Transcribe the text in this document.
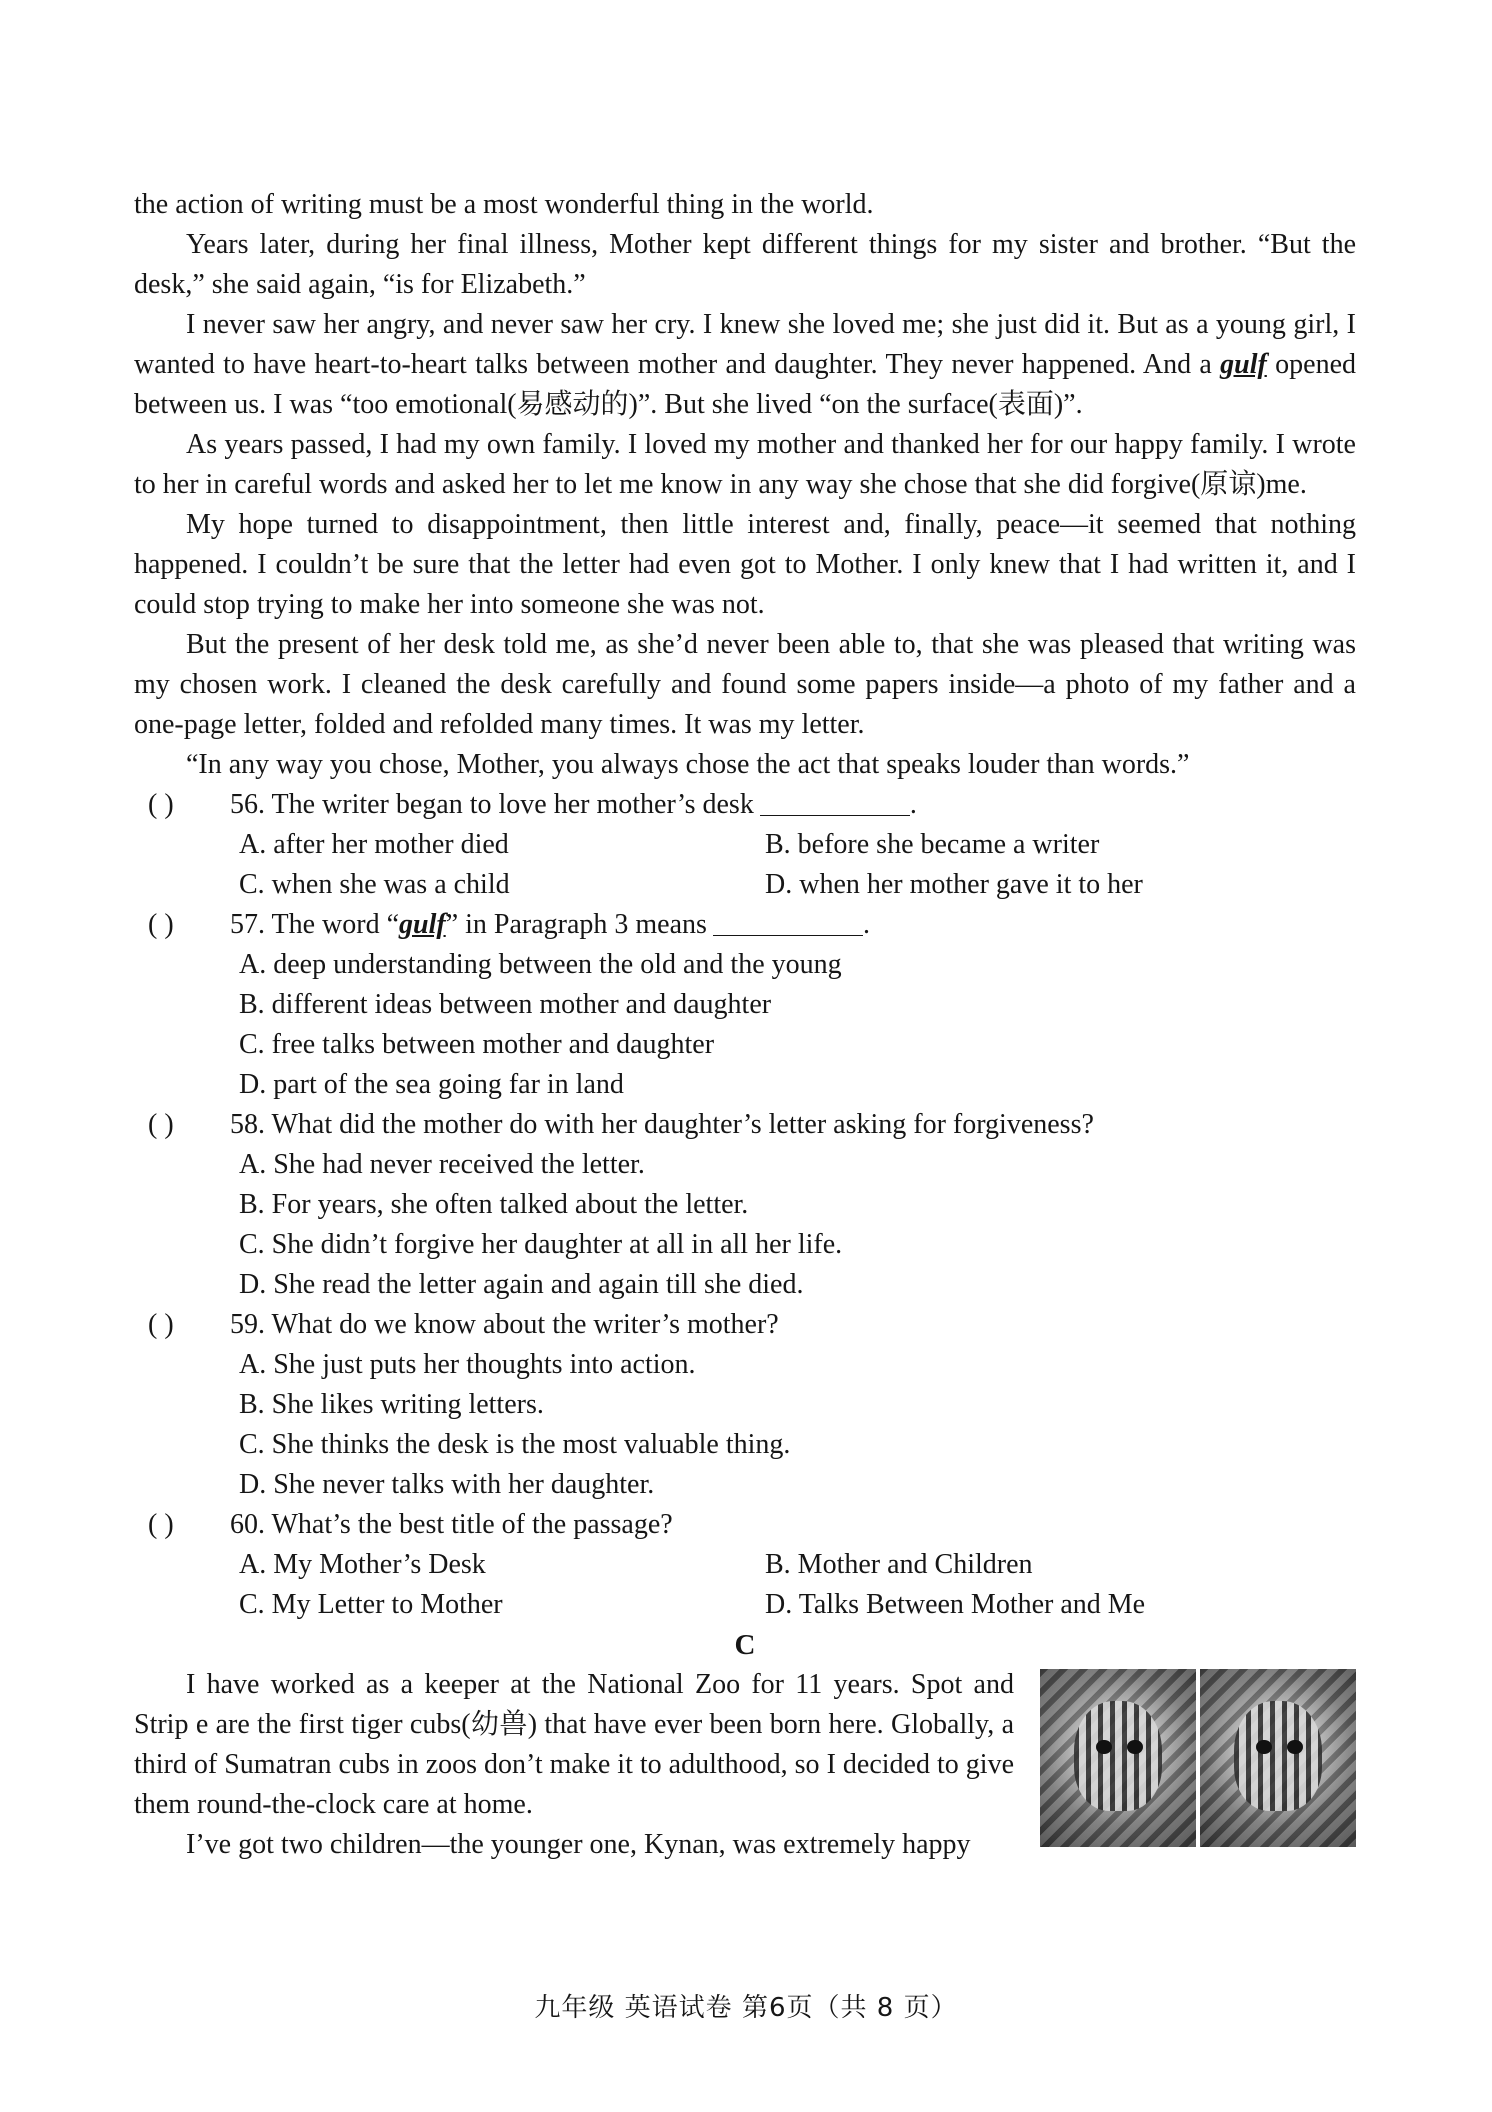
the action of writing must be a most wonderful thing in the world.

Years later, during her final illness, Mother kept different things for my sister and brother. “But the desk,” she said again, “is for Elizabeth.”

I never saw her angry, and never saw her cry. I knew she loved me; she just did it. But as a young girl, I wanted to have heart-to-heart talks between mother and daughter. They never happened. And a gulf opened between us. I was “too emotional(易感动的)”. But she lived “on the surface(表面)”.

As years passed, I had my own family. I loved my mother and thanked her for our happy family. I wrote to her in careful words and asked her to let me know in any way she chose that she did forgive(原谅)me.

My hope turned to disappointment, then little interest and, finally, peace—it seemed that nothing happened. I couldn’t be sure that the letter had even got to Mother. I only knew that I had written it, and I could stop trying to make her into someone she was not.

But the present of her desk told me, as she’d never been able to, that she was pleased that writing was my chosen work. I cleaned the desk carefully and found some papers inside—a photo of my father and a one-page letter, folded and refolded many times. It was my letter.

“In any way you chose, Mother, you always chose the act that speaks louder than words.”

( )	56. The writer began to love her mother’s desk	.
A. after her mother died	B. before she became a writer
C. when she was a child	D. when her mother gave it to her
( )	57. The word “ gulf ” in Paragraph 3 means	.
A. deep understanding between the old and the young
B. different ideas between mother and daughter
C. free talks between mother and daughter
D. part of the sea going far in land
( )	58. What did the mother do with her daughter’s letter asking for forgiveness?
A. She had never received the letter.
B. For years, she often talked about the letter.
C. She didn’t forgive her daughter at all in all her life.
D. She read the letter again and again till she died.
( )	59. What do we know about the writer’s mother?
A. She just puts her thoughts into action.
B. She likes writing letters.
C. She thinks the desk is the most valuable thing.
D. She never talks with her daughter.
( )	60. What’s the best title of the passage?
A. My Mother’s Desk	B. Mother and Children
C. My Letter to Mother	D. Talks Between Mother and Me
C

I have worked as a keeper at the National Zoo for 11 years. Spot and Strip e are the first tiger cubs(幼兽) that have ever been born here. Globally, a third of Sumatran cubs in zoos don’t make it to adulthood, so I decided to give them round-the-clock care at home.

I’ve got two children—the younger one, Kynan, was extremely happy

九年级 英语试卷 第6页（共 8 页）
